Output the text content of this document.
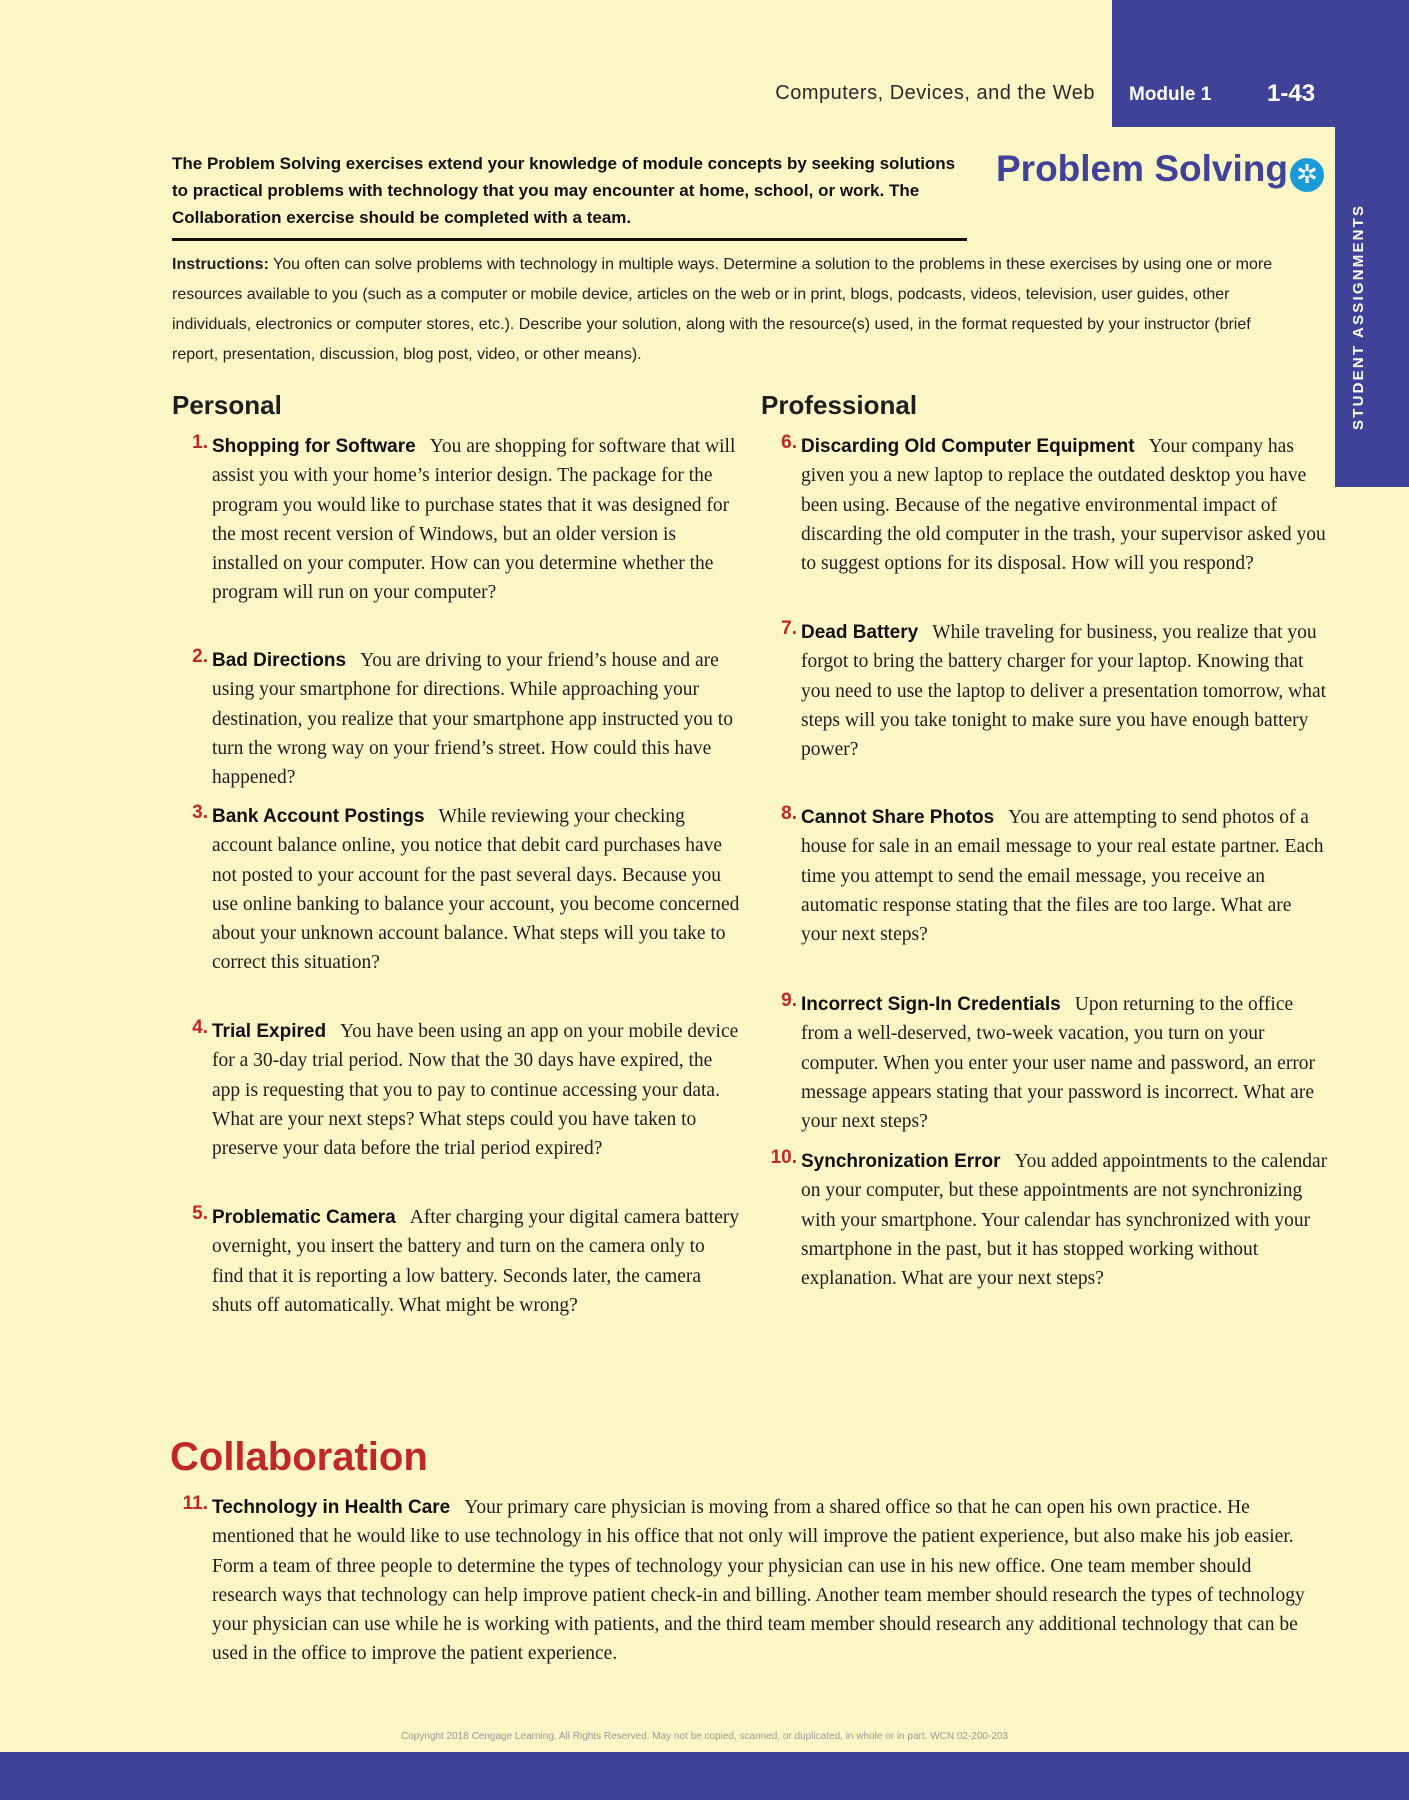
Computers, Devices, and the Web Module 1 1-43
STUDENT ASSIGNMENTS

The Problem Solving exercises extend your knowledge of module concepts by seeking solutions to practical problems with technology that you may encounter at home, school, or work. The Collaboration exercise should be completed with a team.

Problem Solving ✲

Instructions: You often can solve problems with technology in multiple ways. Determine a solution to the problems in these exercises by using one or more resources available to you (such as a computer or mobile device, articles on the web or in print, blogs, podcasts, videos, television, user guides, other individuals, electronics or computer stores, etc.). Describe your solution, along with the resource(s) used, in the format requested by your instructor (brief report, presentation, discussion, blog post, video, or other means).

Personal	Professional
1. Shopping for Software You are shopping for software that will assist you with your home’s interior design. The package for the program you would like to purchase states that it was designed for the most recent version of Windows, but an older version is installed on your computer. How can you determine whether the program will run on your computer?

2. Bad Directions You are driving to your friend’s house and are using your smartphone for directions. While approaching your destination, you realize that your smartphone app instructed you to turn the wrong way on your friend’s street. How could this have happened?

3. Bank Account Postings While reviewing your checking account balance online, you notice that debit card purchases have not posted to your account for the past several days. Because you use online banking to balance your account, you become concerned about your unknown account balance. What steps will you take to correct this situation?

4. Trial Expired You have been using an app on your mobile device for a 30-day trial period. Now that the 30 days have expired, the app is requesting that you to pay to continue accessing your data. What are your next steps? What steps could you have taken to preserve your data before the trial period expired?

5. Problematic Camera After charging your digital camera battery overnight, you insert the battery and turn on the camera only to find that it is reporting a low battery. Seconds later, the camera shuts off automatically. What might be wrong?

6. Discarding Old Computer Equipment Your company has given you a new laptop to replace the outdated desktop you have been using. Because of the negative environmental impact of discarding the old computer in the trash, your supervisor asked you to suggest options for its disposal. How will you respond?

7. Dead Battery While traveling for business, you realize that you forgot to bring the battery charger for your laptop. Knowing that you need to use the laptop to deliver a presentation tomorrow, what steps will you take tonight to make sure you have enough battery power?

8. Cannot Share Photos You are attempting to send photos of a house for sale in an email message to your real estate partner. Each time you attempt to send the email message, you receive an automatic response stating that the files are too large. What are your next steps?

9. Incorrect Sign-In Credentials Upon returning to the office from a well-deserved, two-week vacation, you turn on your computer. When you enter your user name and password, an error message appears stating that your password is incorrect. What are your next steps?

10. Synchronization Error You added appointments to the calendar on your computer, but these appointments are not synchronizing with your smartphone. Your calendar has synchronized with your smartphone in the past, but it has stopped working without explanation. What are your next steps?

Collaboration
11. Technology in Health Care Your primary care physician is moving from a shared office so that he can open his own practice. He mentioned that he would like to use technology in his office that not only will improve the patient experience, but also make his job easier. Form a team of three people to determine the types of technology your physician can use in his new office. One team member should research ways that technology can help improve patient check-in and billing. Another team member should research the types of technology your physician can use while he is working with patients, and the third team member should research any additional technology that can be used in the office to improve the patient experience.

Copyright 2018 Cengage Learning. All Rights Reserved. May not be copied, scanned, or duplicated, in whole or in part. WCN 02-200-203
